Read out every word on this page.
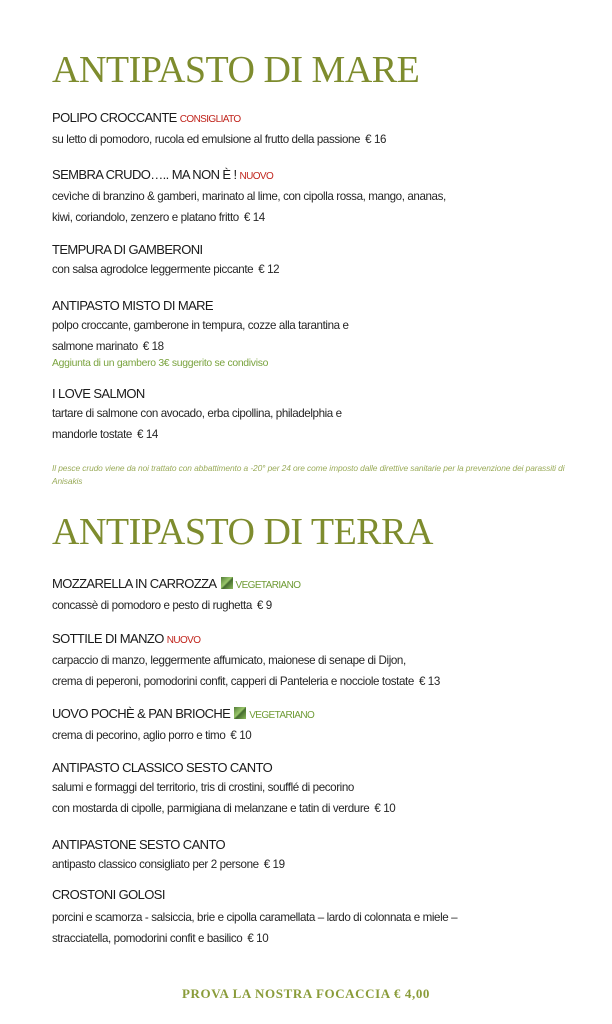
ANTIPASTO DI MARE
POLIPO CROCCANTE CONSIGLIATO
su letto di pomodoro, rucola ed emulsione al frutto della passione € 16
SEMBRA CRUDO….. MA NON È ! NUOVO
cevìche di branzino & gamberi, marinato al lime, con cipolla rossa, mango, ananas,
kiwi, coriandolo, zenzero e platano fritto € 14
TEMPURA DI GAMBERONI
con salsa agrodolce leggermente piccante € 12
ANTIPASTO MISTO DI MARE
polpo croccante, gamberone in tempura, cozze alla tarantina e
salmone marinato € 18
Aggiunta di un gambero 3€ suggerito se condiviso
I LOVE SALMON
tartare di salmone con avocado, erba cipollina, philadelphia e
mandorle tostate € 14
Il pesce crudo viene da noi trattato con abbattimento a -20° per 24 ore come imposto dalle direttive sanitarie per la prevenzione dei parassiti di Anisakis
ANTIPASTO DI TERRA
MOZZARELLA IN CARROZZA VEGETARIANO
concassè di pomodoro e pesto di rughetta € 9
SOTTILE DI MANZO NUOVO
carpaccio di manzo, leggermente affumicato, maionese di senape di Dijon,
crema di peperoni, pomodorini confit, capperi di Panteleria e nocciole tostate € 13
UOVO POCHÈ & PAN BRIOCHE VEGETARIANO
crema di pecorino, aglio porro e timo € 10
ANTIPASTO CLASSICO SESTO CANTO
salumi e formaggi del territorio, tris di crostini, soufflé di pecorino
con mostarda di cipolle, parmigiana di melanzane e tatin di verdure € 10
ANTIPASTONE SESTO CANTO
antipasto classico consigliato per 2 persone € 19
CROSTONI GOLOSI
porcini e scamorza - salsiccia, brie e cipolla caramellata – lardo di colonnata e miele –
stracciatella, pomodorini confit e basilico € 10
PROVA LA NOSTRA FOCACCIA € 4,00
